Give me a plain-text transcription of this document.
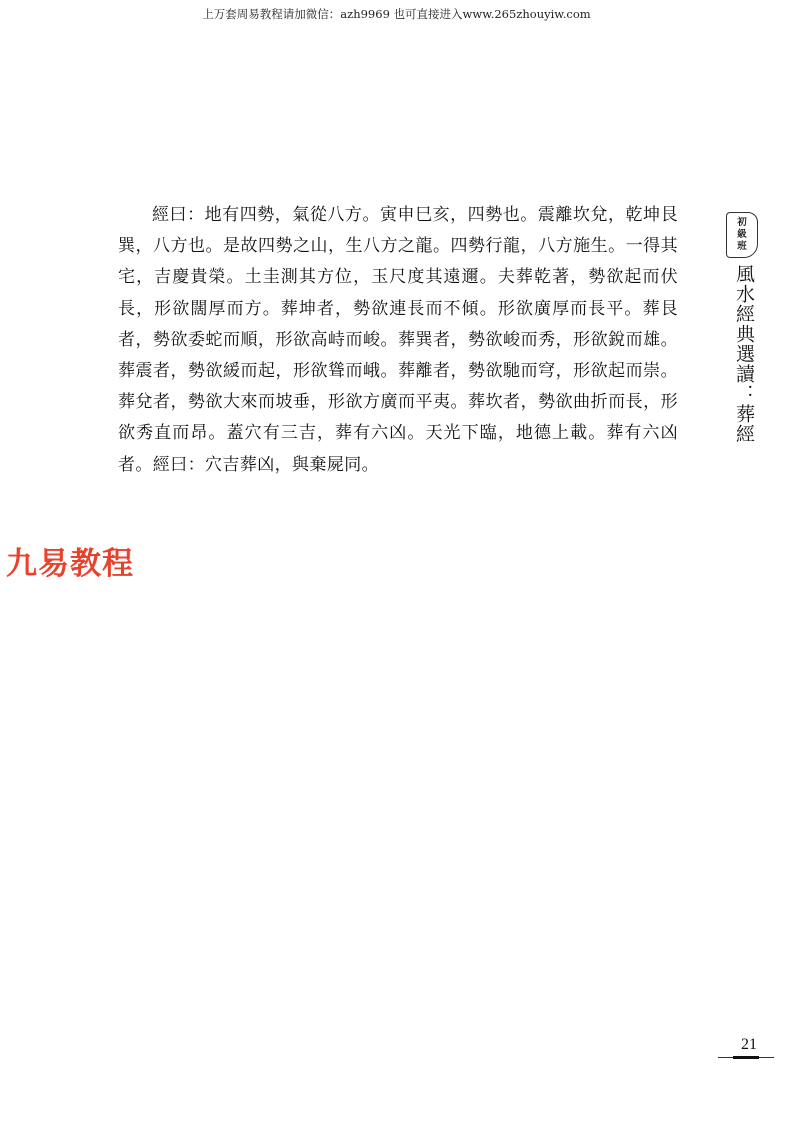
上万套周易教程请加微信：azh9969 也可直接进入www.265zhouyiw.com
經曰：地有四勢，氣從八方。寅申巳亥，四勢也。震離坎兌，乾坤艮巽，八方也。是故四勢之山，生八方之龍。四勢行龍，八方施生。一得其宅，吉慶貴榮。土圭測其方位，玉尺度其遠邇。夫葬乾著，勢欲起而伏長，形欲闊厚而方。葬坤者，勢欲連長而不傾。形欲廣厚而長平。葬艮者，勢欲委蛇而順，形欲高峙而峻。葬巽者，勢欲峻而秀，形欲銳而雄。葬震者，勢欲緩而起，形欲聳而峨。葬離者，勢欲馳而穹，形欲起而崇。葬兌者，勢欲大來而坡垂，形欲方廣而平夷。葬坎者，勢欲曲折而長，形欲秀直而昂。蓋穴有三吉，葬有六凶。天光下臨，地德上載。葬有六凶者。經曰：穴吉葬凶，與棄屍同。
九易教程
初
級
班
風水經典選讀：葬經
21
